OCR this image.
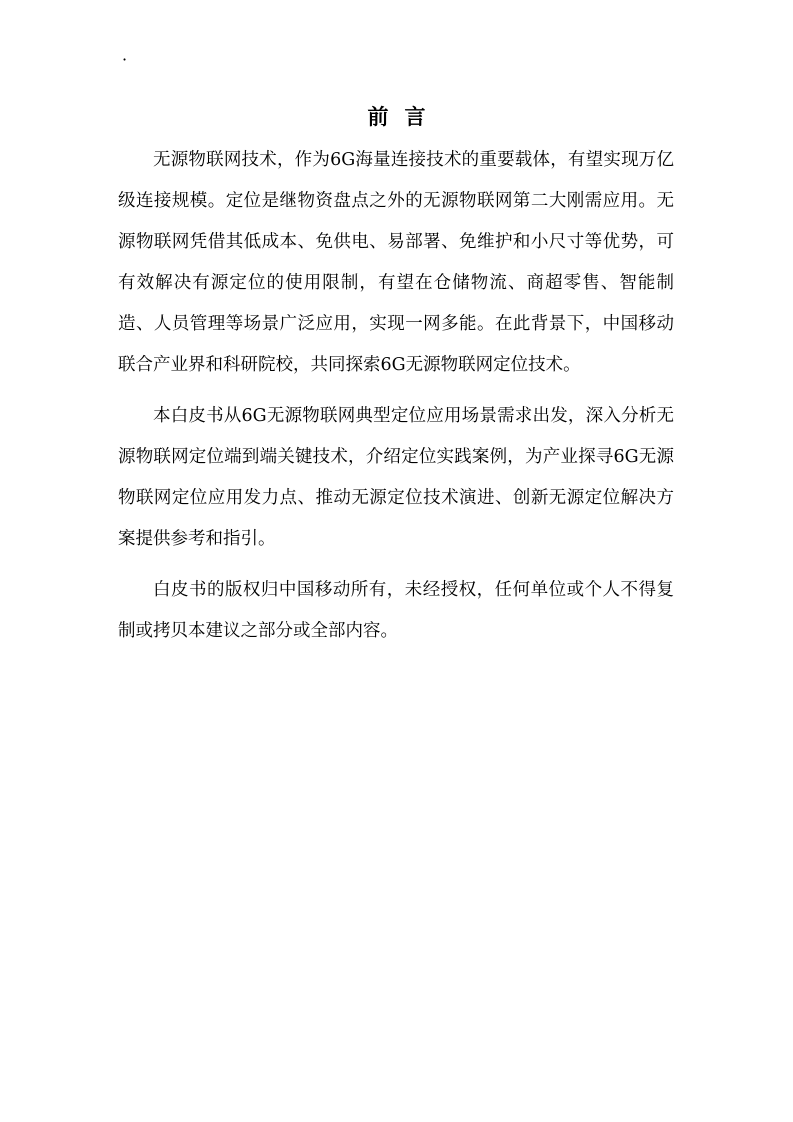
·
前言

无源物联网技术，作为6G海量连接技术的重要载体，有望实现万亿级连接规模。定位是继物资盘点之外的无源物联网第二大刚需应用。无源物联网凭借其低成本、免供电、易部署、免维护和小尺寸等优势，可有效解决有源定位的使用限制，有望在仓储物流、商超零售、智能制造、人员管理等场景广泛应用，实现一网多能。在此背景下，中国移动联合产业界和科研院校，共同探索6G无源物联网定位技术。

本白皮书从6G无源物联网典型定位应用场景需求出发，深入分析无源物联网定位端到端关键技术，介绍定位实践案例，为产业探寻6G无源物联网定位应用发力点、推动无源定位技术演进、创新无源定位解决方案提供参考和指引。

白皮书的版权归中国移动所有，未经授权，任何单位或个人不得复制或拷贝本建议之部分或全部内容。
